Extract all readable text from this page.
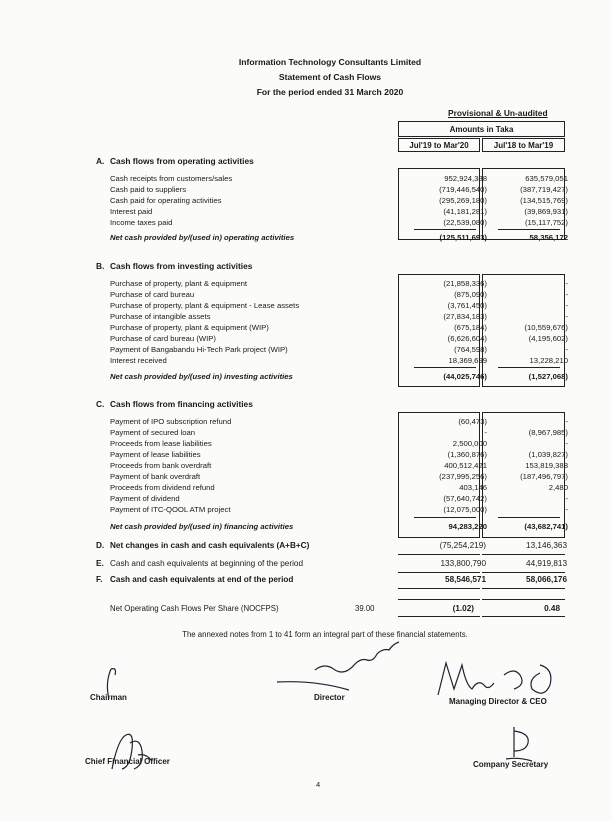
Information Technology Consultants Limited
Statement of Cash Flows
For the period ended 31 March 2020
Provisional & Un-audited
Amounts in Taka
Jul'19 to Mar'20	Jul'18 to Mar'19
A. Cash flows from operating activities
Cash receipts from customers/sales	952,924,388	635,579,051
Cash paid to suppliers	(719,446,540)	(387,719,427)
Cash paid for operating activities	(295,269,180)	(134,515,769)
Interest paid	(41,181,281)	(39,869,931)
Income taxes paid	(22,539,080)	(15,117,752)
Net cash provided by/(used in) operating activities	(125,511,693)	58,356,172
B. Cash flows from investing activities
Purchase of property, plant & equipment	(21,858,336)	-
Purchase of card bureau	(875,090)	-
Purchase of property, plant & equipment - Lease assets	(3,761,450)	-
Purchase of intangible assets	(27,834,183)	-
Purchase of property, plant & equipment (WIP)	(675,184)	(10,559,676)
Purchase of card bureau (WIP)	(6,626,604)	(4,195,602)
Payment of Bangabandu Hi-Tech Park project (WIP)	(764,598)	-
Interest received	18,369,699	13,228,210
Net cash provided by/(used in) investing activities	(44,025,746)	(1,527,068)
C. Cash flows from financing activities
Payment of IPO subscription refund	(60,473)	-
Payment of secured loan	-	(8,967,985)
Proceeds from lease liabilities	2,500,000	-
Payment of lease liabilities	(1,360,876)	(1,039,827)
Proceeds from bank overdraft	400,512,421	153,819,388
Payment of bank overdraft	(237,995,256)	(187,496,797)
Proceeds from dividend refund	403,146	2,480
Payment of dividend	(57,640,742)	-
Payment of ITC-QOOL ATM project	(12,075,000)	-
Net cash provided by/(used in) financing activities	94,283,220	(43,682,741)
D. Net changes in cash and cash equivalents (A+B+C)	(75,254,219)	13,146,363
E. Cash and cash equivalents at beginning of the period	133,800,790	44,919,813
F. Cash and cash equivalents at end of the period	58,546,571	58,066,176
Net Operating Cash Flows Per Share (NOCFPS)	39.00	(1.02)	0.48
The annexed notes from 1 to 41 form an integral part of these financial statements.
Chairman	Director	Managing Director & CEO
Chief Financial Officer	Company Secretary
4
